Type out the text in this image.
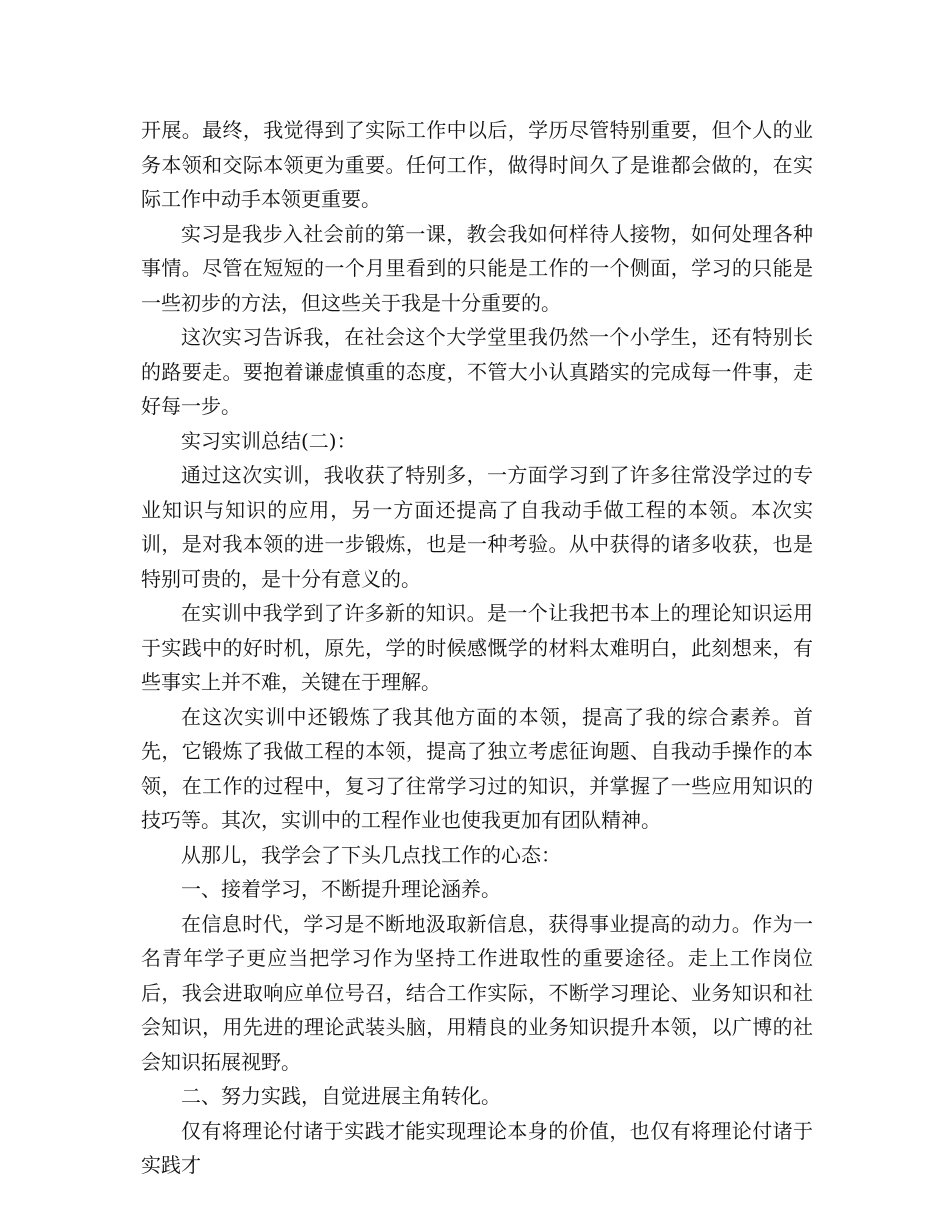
开展。最终，我觉得到了实际工作中以后，学历尽管特别重要，但个人的业务本领和交际本领更为重要。任何工作，做得时间久了是谁都会做的，在实际工作中动手本领更重要。

实习是我步入社会前的第一课，教会我如何样待人接物，如何处理各种事情。尽管在短短的一个月里看到的只能是工作的一个侧面，学习的只能是一些初步的方法，但这些关于我是十分重要的。

这次实习告诉我，在社会这个大学堂里我仍然一个小学生，还有特别长的路要走。要抱着谦虚慎重的态度，不管大小认真踏实的完成每一件事，走好每一步。

实习实训总结(二)：

通过这次实训，我收获了特别多，一方面学习到了许多往常没学过的专业知识与知识的应用，另一方面还提高了自我动手做工程的本领。本次实训，是对我本领的进一步锻炼，也是一种考验。从中获得的诸多收获，也是特别可贵的，是十分有意义的。

在实训中我学到了许多新的知识。是一个让我把书本上的理论知识运用于实践中的好时机，原先，学的时候感慨学的材料太难明白，此刻想来，有些事实上并不难，关键在于理解。

在这次实训中还锻炼了我其他方面的本领，提高了我的综合素养。首先，它锻炼了我做工程的本领，提高了独立考虑征询题、自我动手操作的本领，在工作的过程中，复习了往常学习过的知识，并掌握了一些应用知识的技巧等。其次，实训中的工程作业也使我更加有团队精神。

从那儿，我学会了下头几点找工作的心态：

一、接着学习，不断提升理论涵养。

在信息时代，学习是不断地汲取新信息，获得事业提高的动力。作为一名青年学子更应当把学习作为坚持工作进取性的重要途径。走上工作岗位后，我会进取响应单位号召，结合工作实际，不断学习理论、业务知识和社会知识，用先进的理论武装头脑，用精良的业务知识提升本领，以广博的社会知识拓展视野。

二、努力实践，自觉进展主角转化。

仅有将理论付诸于实践才能实现理论本身的价值，也仅有将理论付诸于实践才
